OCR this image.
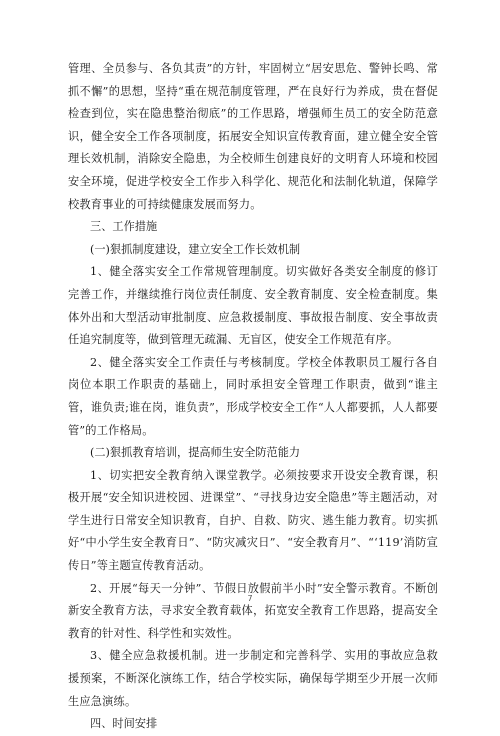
管理、全员参与、各负其责”的方针，牢固树立“居安思危、警钟长鸣、常抓不懈”的思想，坚持“重在规范制度管理，严在良好行为养成，贵在督促检查到位，实在隐患整治彻底”的工作思路，增强师生员工的安全防范意识，健全安全工作各项制度，拓展安全知识宣传教育面，建立健全安全管理长效机制，消除安全隐患，为全校师生创建良好的文明育人环境和校园安全环境，促进学校安全工作步入科学化、规范化和法制化轨道，保障学校教育事业的可持续健康发展而努力。

三、工作措施

(一)狠抓制度建设，建立安全工作长效机制

1、健全落实安全工作常规管理制度。切实做好各类安全制度的修订完善工作，并继续推行岗位责任制度、安全教育制度、安全检查制度。集体外出和大型活动审批制度、应急救援制度、事故报告制度、安全事故责任追究制度等，做到管理无疏漏、无盲区，使安全工作规范有序。

2、健全落实安全工作责任与考核制度。学校全体教职员工履行各自岗位本职工作职责的基础上，同时承担安全管理工作职责，做到“谁主管，谁负责;谁在岗，谁负责”，形成学校安全工作“人人都要抓，人人都要管”的工作格局。

(二)狠抓教育培训，提高师生安全防范能力

1、切实把安全教育纳入课堂教学。必须按要求开设安全教育课，积极开展“安全知识进校园、进课堂”、“寻找身边安全隐患”等主题活动，对学生进行日常安全知识教育，自护、自救、防灾、逃生能力教育。切实抓好“中小学生安全教育日”、“防灾减灾日”、“安全教育月”、“‘119’消防宣传日”等主题宣传教育活动。

2、开展“每天一分钟”、节假日放假前半小时”安全警示教育。不断创新安全教育方法，寻求安全教育载体，拓宽安全教育工作思路，提高安全教育的针对性、科学性和实效性。

3、健全应急救援机制。进一步制定和完善科学、实用的事故应急救援预案，不断深化演练工作，结合学校实际，确保每学期至少开展一次师生应急演练。

四、时间安排

7
